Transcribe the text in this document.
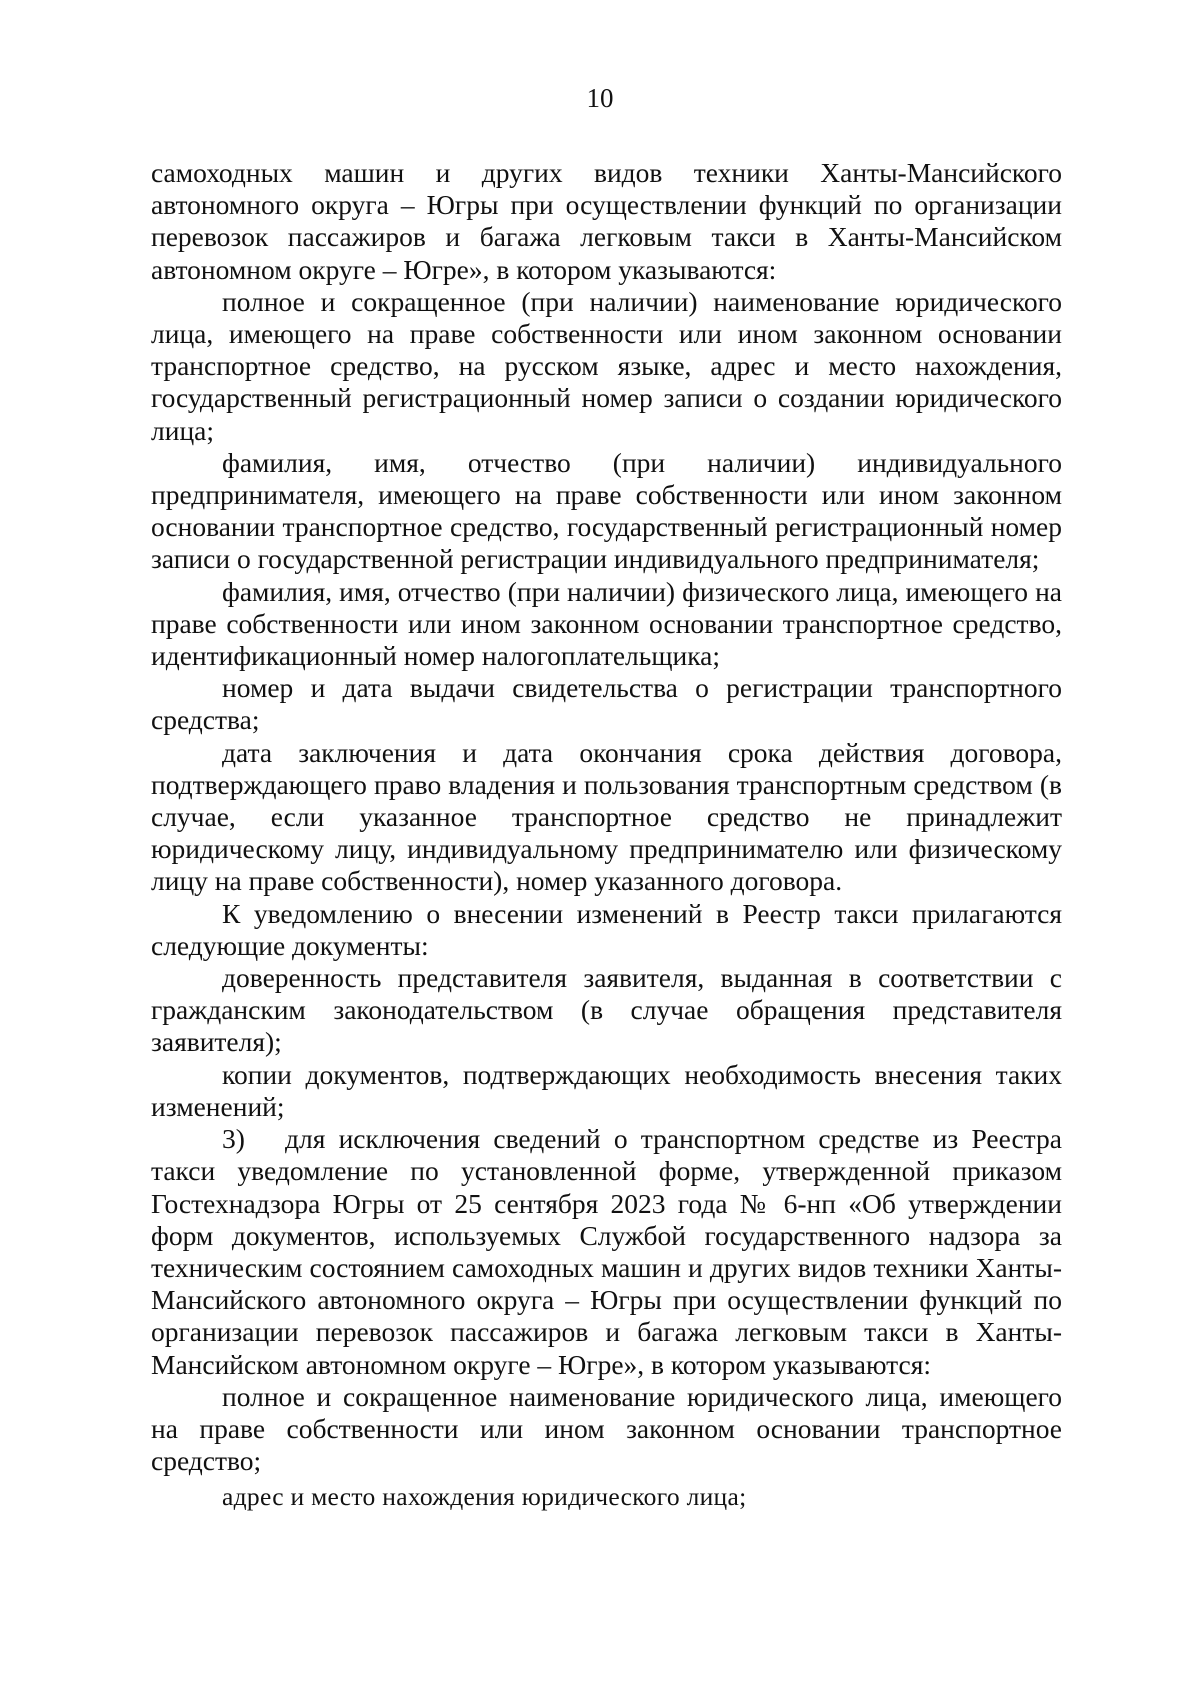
10

самоходных машин и других видов техники Ханты-Мансийского автономного округа – Югры при осуществлении функций по организации перевозок пассажиров и багажа легковым такси в Ханты-Мансийском автономном округе – Югре», в котором указываются:

полное и сокращенное (при наличии) наименование юридического лица, имеющего на праве собственности или ином законном основании транспортное средство, на русском языке, адрес и место нахождения, государственный регистрационный номер записи о создании юридического лица;

фамилия, имя, отчество (при наличии) индивидуального предпринимателя, имеющего на праве собственности или ином законном основании транспортное средство, государственный регистрационный номер записи о государственной регистрации индивидуального предпринимателя;

фамилия, имя, отчество (при наличии) физического лица, имеющего на праве собственности или ином законном основании транспортное средство, идентификационный номер налогоплательщика;

номер и дата выдачи свидетельства о регистрации транспортного средства;

дата заключения и дата окончания срока действия договора, подтверждающего право владения и пользования транспортным средством (в случае, если указанное транспортное средство не принадлежит юридическому лицу, индивидуальному предпринимателю или физическому лицу на праве собственности), номер указанного договора.

К уведомлению о внесении изменений в Реестр такси прилагаются следующие документы:

доверенность представителя заявителя, выданная в соответствии с гражданским законодательством (в случае обращения представителя заявителя);

копии документов, подтверждающих необходимость внесения таких изменений;

3) для исключения сведений о транспортном средстве из Реестра такси уведомление по установленной форме, утвержденной приказом Гостехнадзора Югры от 25 сентября 2023 года № 6-нп «Об утверждении форм документов, используемых Службой государственного надзора за техническим состоянием самоходных машин и других видов техники Ханты-Мансийского автономного округа – Югры при осуществлении функций по организации перевозок пассажиров и багажа легковым такси в Ханты-Мансийском автономном округе – Югре», в котором указываются:

полное и сокращенное наименование юридического лица, имеющего на праве собственности или ином законном основании транспортное средство;

адрес и место нахождения юридического лица;
